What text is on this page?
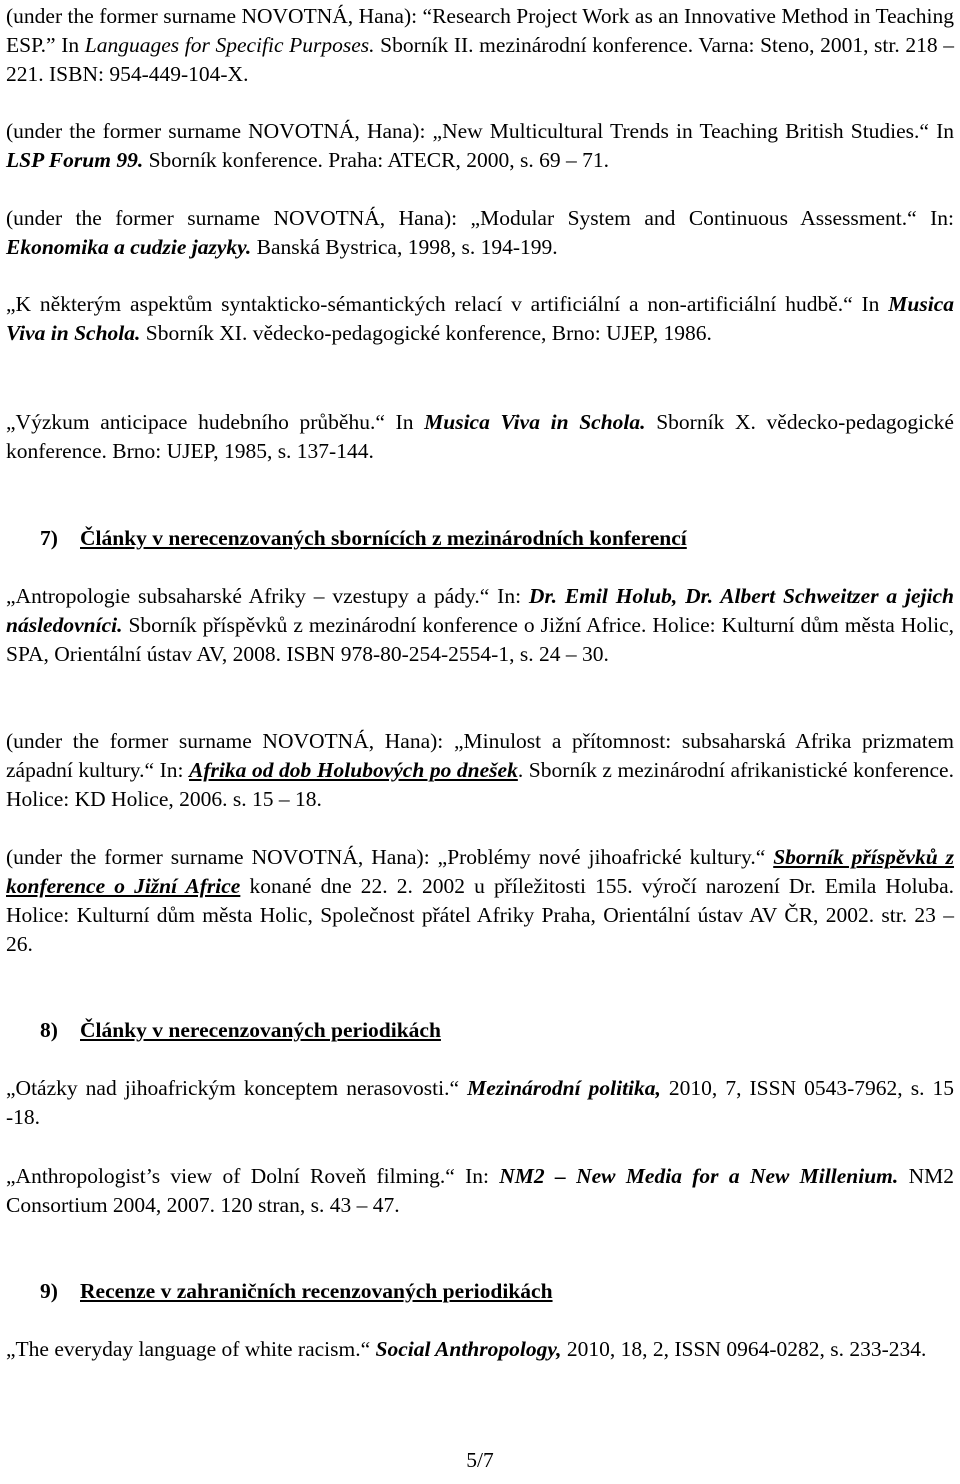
(under the former surname NOVOTNÁ, Hana): “Research Project Work as an Innovative Method in Teaching ESP.” In Languages for Specific Purposes. Sborník II. mezinárodní konference. Varna: Steno, 2001, str. 218 – 221. ISBN: 954-449-104-X.

(under the former surname NOVOTNÁ, Hana): „New Multicultural Trends in Teaching British Studies.“ In LSP Forum 99. Sborník konference. Praha: ATECR, 2000, s. 69 – 71.

(under the former surname NOVOTNÁ, Hana): „Modular System and Continuous Assessment.“ In: Ekonomika a cudzie jazyky. Banská Bystrica, 1998, s. 194-199.

„K některým aspektům syntakticko-sémantických relací v artificiální a non-artificiální hudbě.“ In Musica Viva in Schola. Sborník XI. vědecko-pedagogické konference, Brno: UJEP, 1986.

„Výzkum anticipace hudebního průběhu.“ In Musica Viva in Schola. Sborník X. vědecko-pedagogické konference. Brno: UJEP, 1985, s. 137-144.

7) Články v nerecenzovaných sbornících z mezinárodních konferencí

„Antropologie subsaharské Afriky – vzestupy a pády.“ In: Dr. Emil Holub, Dr. Albert Schweitzer a jejich následovníci. Sborník příspěvků z mezinárodní konference o Jižní Africe. Holice: Kulturní dům města Holic, SPA, Orientální ústav AV, 2008. ISBN 978-80-254-2554-1, s. 24 – 30.

(under the former surname NOVOTNÁ, Hana): „Minulost a přítomnost: subsaharská Afrika prizmatem západní kultury.“ In: Afrika od dob Holubových po dnešek. Sborník z mezinárodní afrikanistické konference. Holice: KD Holice, 2006. s. 15 – 18.

(under the former surname NOVOTNÁ, Hana): „Problémy nové jihoafrické kultury.“ Sborník příspěvků z konference o Jižní Africe konané dne 22. 2. 2002 u příležitosti 155. výročí narození Dr. Emila Holuba. Holice: Kulturní dům města Holic, Společnost přátel Afriky Praha, Orientální ústav AV ČR, 2002. str. 23 – 26.

8) Články v nerecenzovaných periodikách

„Otázky nad jihoafrickým konceptem nerasovosti.“ Mezinárodní politika, 2010, 7, ISSN 0543-7962, s. 15 -18.

„Anthropologist’s view of Dolní Roveň filming.“ In: NM2 – New Media for a New Millenium. NM2 Consortium 2004, 2007. 120 stran, s. 43 – 47.

9) Recenze v zahraničních recenzovaných periodikách

„The everyday language of white racism.“ Social Anthropology, 2010, 18, 2, ISSN 0964-0282, s. 233-234.

5/7
